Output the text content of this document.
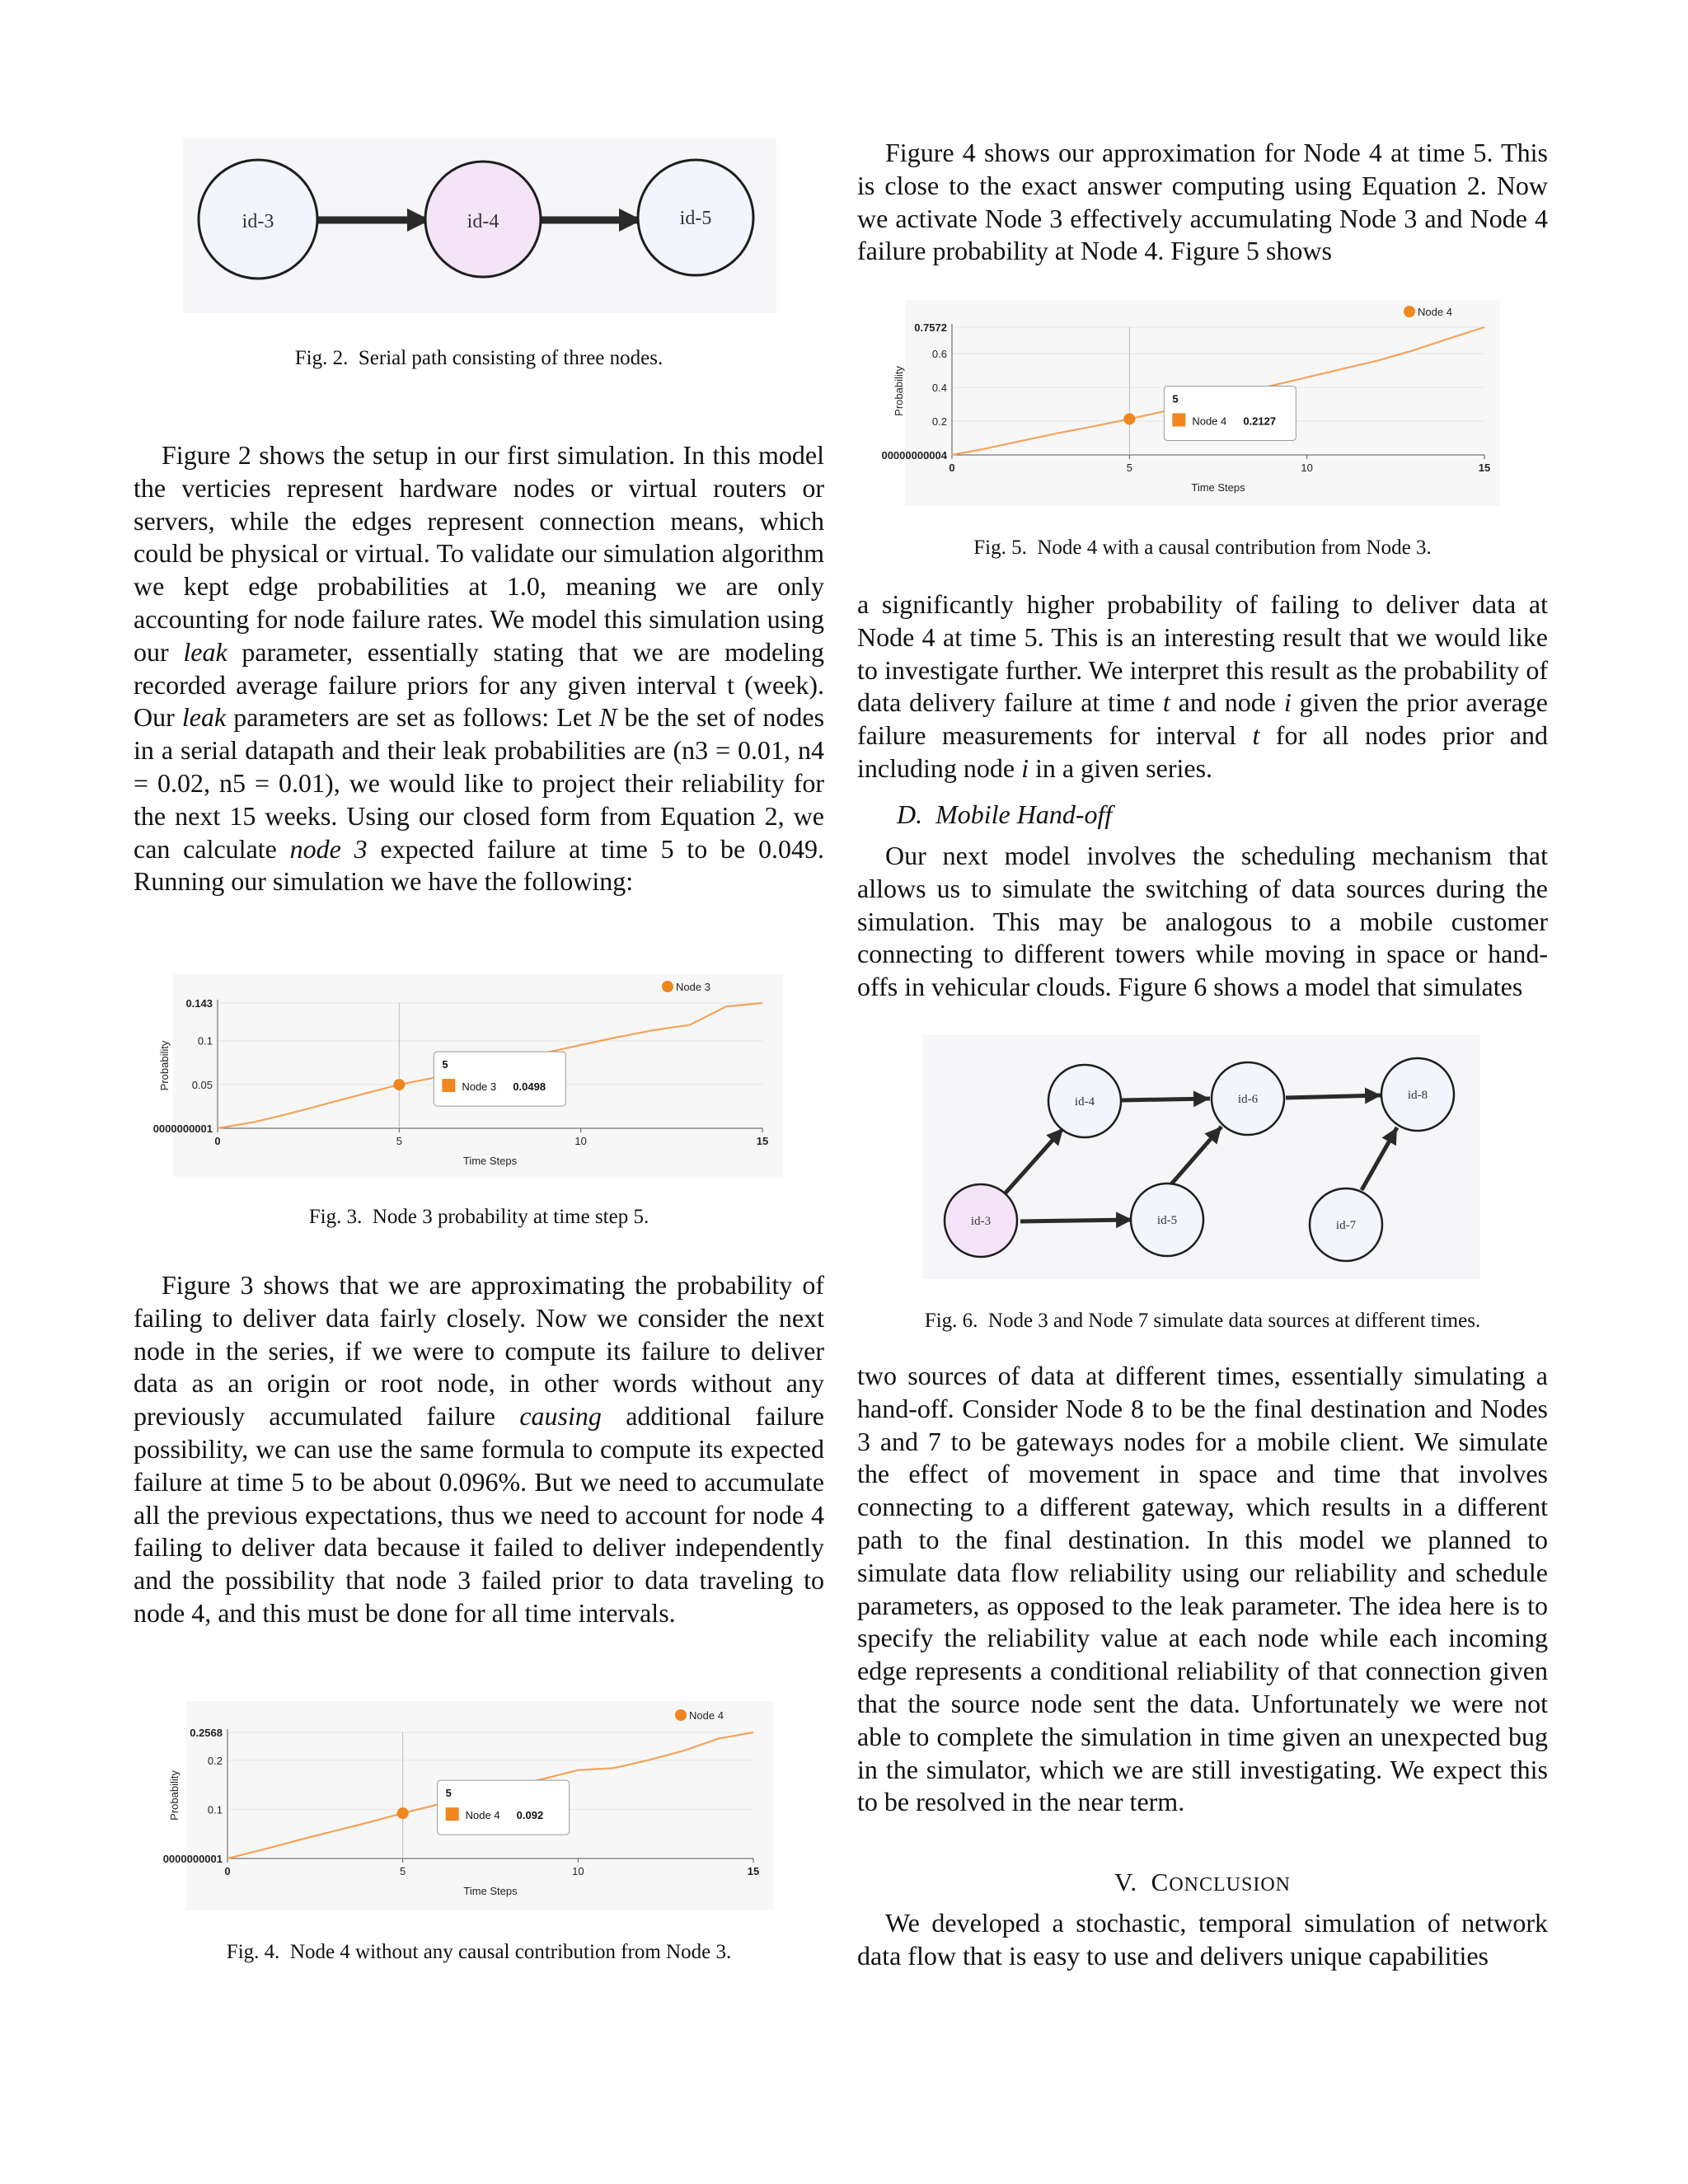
id-3	id-4	id-5

Fig. 2. Serial path consisting of three nodes.

Figure 2 shows the setup in our first simulation. In this model the verticies represent hardware nodes or virtual routers or servers, while the edges represent connection means, which could be physical or virtual. To validate our simulation algorithm we kept edge probabilities at 1.0, meaning we are only accounting for node failure rates. We model this simulation using our leak parameter, essentially stating that we are modeling recorded average failure priors for any given interval t (week). Our leak parameters are set as follows: Let N be the set of nodes in a serial datapath and their leak probabilities are (n3 = 0.01, n4 = 0.02, n5 = 0.01), we would like to project their reliability for the next 15 weeks. Using our closed form from Equation 2, we can calculate node 3 expected failure at time 5 to be 0.049. Running our simulation we have the following:

0000000001
0.05
0.1
0.143
0	5	10	15
Time Steps
Probability
Node 3
5
Node 3 0.0498

Fig. 3. Node 3 probability at time step 5.

Figure 3 shows that we are approximating the probability of failing to deliver data fairly closely. Now we consider the next node in the series, if we were to compute its failure to deliver data as an origin or root node, in other words without any previously accumulated failure causing additional failure possibility, we can use the same formula to compute its expected failure at time 5 to be about 0.096%. But we need to accumulate all the previous expectations, thus we need to account for node 4 failing to deliver data because it failed to deliver independently and the possibility that node 3 failed prior to data traveling to node 4, and this must be done for all time intervals.

0000000001
0.1
0.2
0.2568
0	5	10	15
Time Steps
Probability
Node 4
5
Node 4 0.092

Fig. 4. Node 4 without any causal contribution from Node 3.

Figure 4 shows our approximation for Node 4 at time 5. This is close to the exact answer computing using Equation 2. Now we activate Node 3 effectively accumulating Node 3 and Node 4 failure probability at Node 4. Figure 5 shows

00000000004
0.2
0.4
0.6
0.7572
0	5	10	15
Time Steps
Probability
Node 4
5
Node 4 0.2127

Fig. 5. Node 4 with a causal contribution from Node 3.

a significantly higher probability of failing to deliver data at Node 4 at time 5. This is an interesting result that we would like to investigate further. We interpret this result as the probability of data delivery failure at time t and node i given the prior average failure measurements for interval t for all nodes prior and including node i in a given series.

D. Mobile Hand-off

Our next model involves the scheduling mechanism that allows us to simulate the switching of data sources during the simulation. This may be analogous to a mobile customer connecting to different towers while moving in space or hand-offs in vehicular clouds. Figure 6 shows a model that simulates

id-3
id-4
id-5
id-6
id-7
id-8

Fig. 6. Node 3 and Node 7 simulate data sources at different times.

two sources of data at different times, essentially simulating a hand-off. Consider Node 8 to be the final destination and Nodes 3 and 7 to be gateways nodes for a mobile client. We simulate the effect of movement in space and time that involves connecting to a different gateway, which results in a different path to the final destination. In this model we planned to simulate data flow reliability using our reliability and schedule parameters, as opposed to the leak parameter. The idea here is to specify the reliability value at each node while each incoming edge represents a conditional reliability of that connection given that the source node sent the data. Unfortunately we were not able to complete the simulation in time given an unexpected bug in the simulator, which we are still investigating. We expect this to be resolved in the near term.

V.  CONCLUSION

We developed a stochastic, temporal simulation of network data flow that is easy to use and delivers unique capabilities
